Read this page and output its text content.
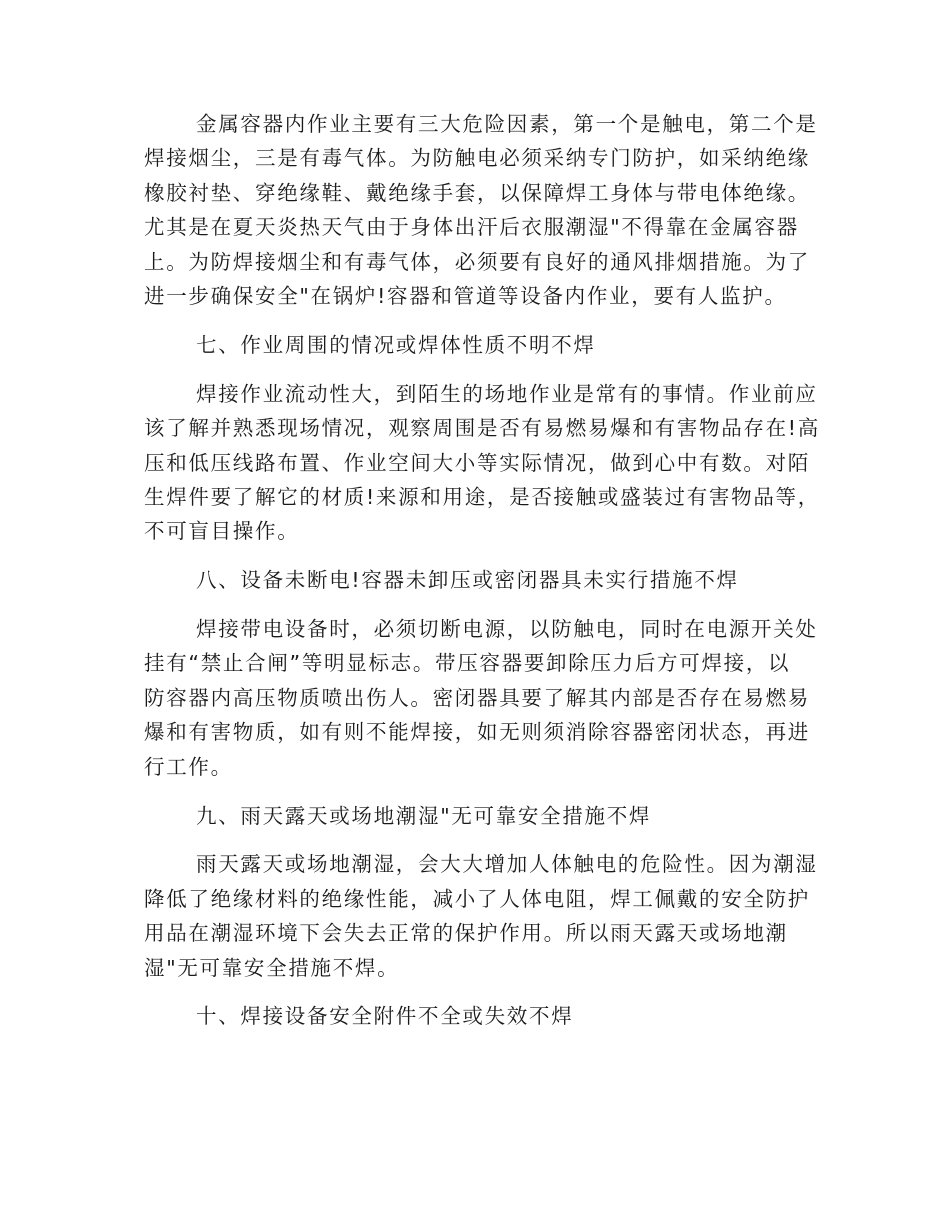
金属容器内作业主要有三大危险因素，第一个是触电，第二个是
焊接烟尘，三是有毒气体。为防触电必须采纳专门防护，如采纳绝缘
橡胶衬垫、穿绝缘鞋、戴绝缘手套，以保障焊工身体与带电体绝缘。
尤其是在夏天炎热天气由于身体出汗后衣服潮湿"不得靠在金属容器
上。为防焊接烟尘和有毒气体，必须要有良好的通风排烟措施。为了
进一步确保安全"在锅炉!容器和管道等设备内作业，要有人监护。
七、作业周围的情况或焊体性质不明不焊
焊接作业流动性大，到陌生的场地作业是常有的事情。作业前应
该了解并熟悉现场情况，观察周围是否有易燃易爆和有害物品存在!高
压和低压线路布置、作业空间大小等实际情况，做到心中有数。对陌
生焊件要了解它的材质!来源和用途，是否接触或盛装过有害物品等，
不可盲目操作。
八、设备未断电!容器未卸压或密闭器具未实行措施不焊
焊接带电设备时，必须切断电源，以防触电，同时在电源开关处
挂有“禁止合闸”等明显标志。带压容器要卸除压力后方可焊接，以
防容器内高压物质喷出伤人。密闭器具要了解其内部是否存在易燃易
爆和有害物质，如有则不能焊接，如无则须消除容器密闭状态，再进
行工作。
九、雨天露天或场地潮湿"无可靠安全措施不焊
雨天露天或场地潮湿，会大大增加人体触电的危险性。因为潮湿
降低了绝缘材料的绝缘性能，减小了人体电阻，焊工佩戴的安全防护
用品在潮湿环境下会失去正常的保护作用。所以雨天露天或场地潮
湿"无可靠安全措施不焊。
十、焊接设备安全附件不全或失效不焊
